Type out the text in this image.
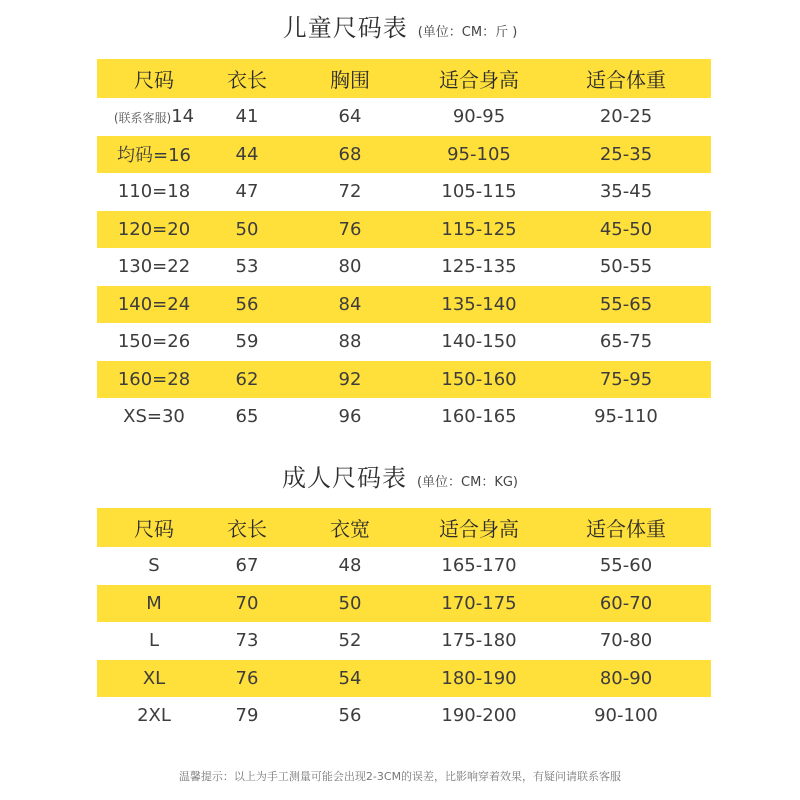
儿童尺码表 (单位：CM：斤 )
尺码	衣长	胸围	适合身高	适合体重
(联系客服)14	41	64	90-95	20-25
均码=16	44	68	95-105	25-35
110=18	47	72	105-115	35-45
120=20	50	76	115-125	45-50
130=22	53	80	125-135	50-55
140=24	56	84	135-140	55-65
150=26	59	88	140-150	65-75
160=28	62	92	150-160	75-95
XS=30	65	96	160-165	95-110
成人尺码表 (单位：CM：KG)
尺码	衣长	衣宽	适合身高	适合体重
S	67	48	165-170	55-60
M	70	50	170-175	60-70
L	73	52	175-180	70-80
XL	76	54	180-190	80-90
2XL	79	56	190-200	90-100
温馨提示：以上为手工测量可能会出现2-3CM的误差，比影响穿着效果，有疑问请联系客服
